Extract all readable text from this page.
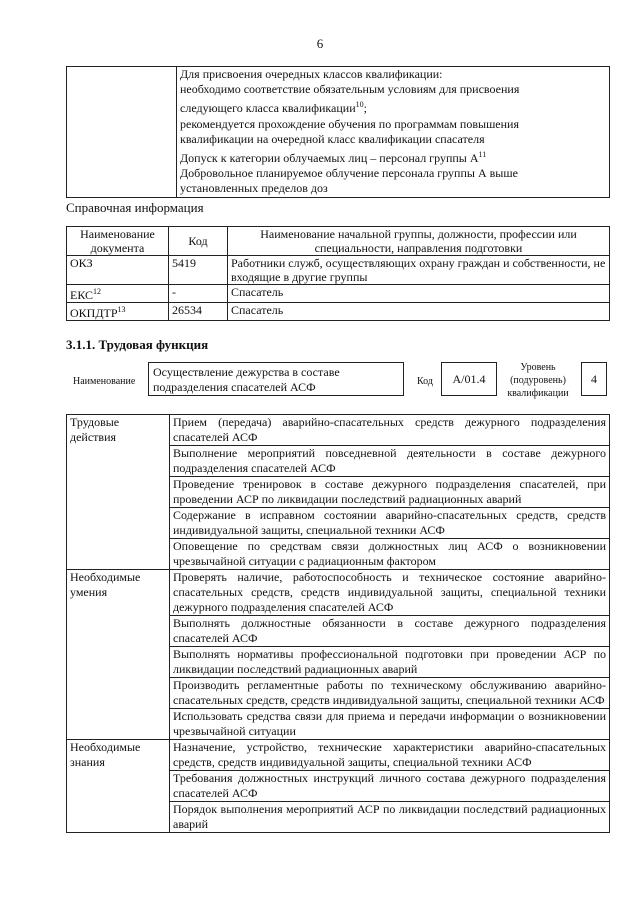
6

Для присвоения очередных классов квалификации:
необходимо соответствие обязательным условиям для присвоения
следующего класса квалификации$^{10}$;
рекомендуется прохождение обучения по программам повышения
квалификации на очередной класс квалификации спасателя
Допуск к категории облучаемых лиц – персонал группы $А^{11}$
Добровольное планируемое облучение персонала группы А выше
установленных пределов доз
Справочная информация
Наименование документа	Код	Наименование начальной группы, должности, профессии или специальности, направления подготовки
ОКЗ	5419	Работники служб, осуществляющих охрану граждан и собственности, не входящие в другие группы
ЕКС$^{12}$	-	Спасатель
ОКПДТР$^{13}$	26534	Спасатель
3.1.1. Трудовая функция
Наименование
Осуществление дежурства в составе подразделения спасателей АСФ	Код	А/01.4
Уровень (подуровень) квалификации
4
Трудовые действия	Прием (передача) аварийно-спасательных средств дежурного подразделения спасателей АСФ
	Выполнение мероприятий повседневной деятельности в составе дежурного подразделения спасателей АСФ
	Проведение тренировок в составе дежурного подразделения спасателей, при проведении АСР по ликвидации последствий радиационных аварий
	Содержание в исправном состоянии аварийно-спасательных средств, средств индивидуальной защиты, специальной техники АСФ
	Оповещение по средствам связи должностных лиц АСФ о возникновении чрезвычайной ситуации с радиационным фактором
Необходимые умения	Проверять наличие, работоспособность и техническое состояние аварийно-спасательных средств, средств индивидуальной защиты, специальной техники дежурного подразделения спасателей АСФ
	Выполнять должностные обязанности в составе дежурного подразделения спасателей АСФ
	Выполнять нормативы профессиональной подготовки при проведении АСР по ликвидации последствий радиационных аварий
	Производить регламентные работы по техническому обслуживанию аварийно-спасательных средств, средств индивидуальной защиты, специальной техники АСФ
	Использовать средства связи для приема и передачи информации о возникновении чрезвычайной ситуации
Необходимые знания	Назначение, устройство, технические характеристики аварийно-спасательных средств, средств индивидуальной защиты, специальной техники АСФ
	Требования должностных инструкций личного состава дежурного подразделения спасателей АСФ
	Порядок выполнения мероприятий АСР по ликвидации последствий радиационных аварий
